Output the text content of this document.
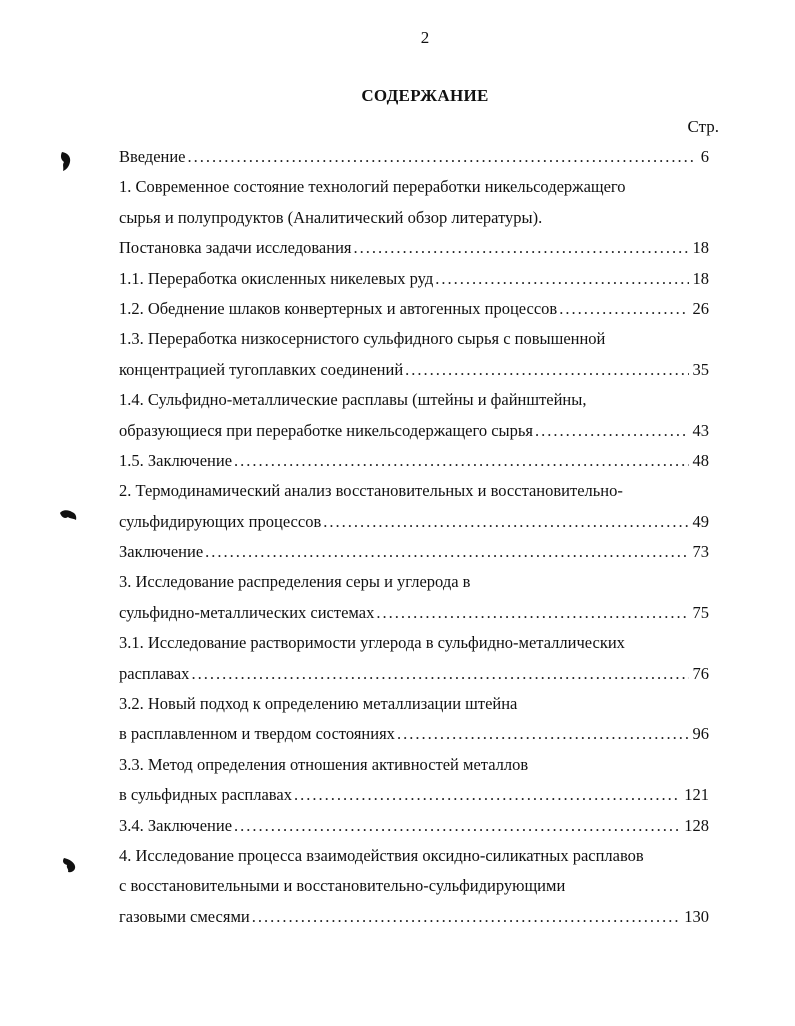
2
СОДЕРЖАНИЕ
Стр.
Введение .....	6
1. Современное состояние технологий переработки никельсодержащего
сырья и полупродуктов (Аналитический обзор литературы).
Постановка задачи исследования .....	18
1.1. Переработка окисленных никелевых руд .....	18
1.2. Обеднение шлаков конвертерных и автогенных процессов .....	26
1.3. Переработка низкосернистого сульфидного сырья с повышенной
концентрацией тугоплавких соединений .....	35
1.4. Сульфидно-металлические расплавы (штейны и файнштейны,
образующиеся при переработке никельсодержащего сырья .....	43
1.5. Заключение .....	48
2. Термодинамический анализ восстановительных и восстановительно-
сульфидирующих процессов .....	49
Заключение .....	73
3. Исследование распределения серы и углерода в
сульфидно-металлических системах .....	75
3.1. Исследование растворимости углерода в сульфидно-металлических
расплавах .....	76
3.2. Новый подход к определению металлизации штейна
в расплавленном и твердом состояниях .....	96
3.3. Метод определения отношения активностей металлов
в сульфидных расплавах .....	121
3.4. Заключение .....	128
4. Исследование процесса взаимодействия оксидно-силикатных расплавов
с восстановительными и восстановительно-сульфидирующими
газовыми смесями .....	130
